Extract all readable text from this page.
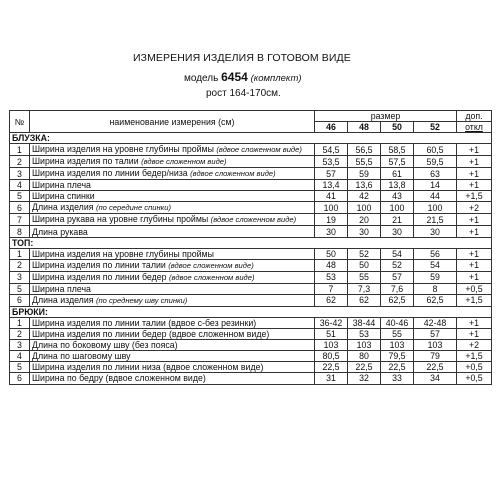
ИЗМЕРЕНИЯ ИЗДЕЛИЯ В ГОТОВОМ ВИДЕ
модель 6454 (комплект)
рост 164-170см.
№	наименование измерения (см)	размер				доп.
		46	48	50	52	откл
БЛУЗКА:						
1	Ширина изделия на уровне глубины проймы (вдвое сложенном виде)	54,5	56,5	58,5	60,5	+1
2	Ширина изделия по талии (вдвое сложенном виде)	53,5	55,5	57,5	59,5	+1
3	Ширина изделия по линии бедер/низа (вдвое сложенном виде)	57	59	61	63	+1
4	Ширина плеча	13,4	13,6	13,8	14	+1
5	Ширина спинки	41	42	43	44	+1,5
6	Длина изделия (по середине спинки)	100	100	100	100	+2
7	Ширина рукава на уровне глубины проймы (вдвое сложенном виде)	19	20	21	21,5	+1
8	Длина рукава	30	30	30	30	+1
ТОП:						
1	Ширина изделия на уровне глубины проймы	50	52	54	56	+1
2	Ширина изделия по линии талии (вдвое сложенном виде)	48	50	52	54	+1
3	Ширина изделия по линии бедер (вдвое сложенном виде)	53	55	57	59	+1
5	Ширина плеча	7	7,3	7,6	8	+0,5
6	Длина изделия (по среднему шву спинки)	62	62	62,5	62,5	+1,5
БРЮКИ:						
1	Ширина изделия по линии талии (вдвое с-без резинки)	36-42	38-44	40-46	42-48	+1
2	Ширина изделия по линии бедер (вдвое сложенном виде)	51	53	55	57	+1
3	Длина по боковому шву (без пояса)	103	103	103	103	+2
4	Длина по шаговому шву	80,5	80	79,5	79	+1,5
5	Ширина изделия по линии низа (вдвое сложенном виде)	22,5	22,5	22,5	22,5	+0,5
6	Ширина по бедру (вдвое сложенном виде)	31	32	33	34	+0,5
